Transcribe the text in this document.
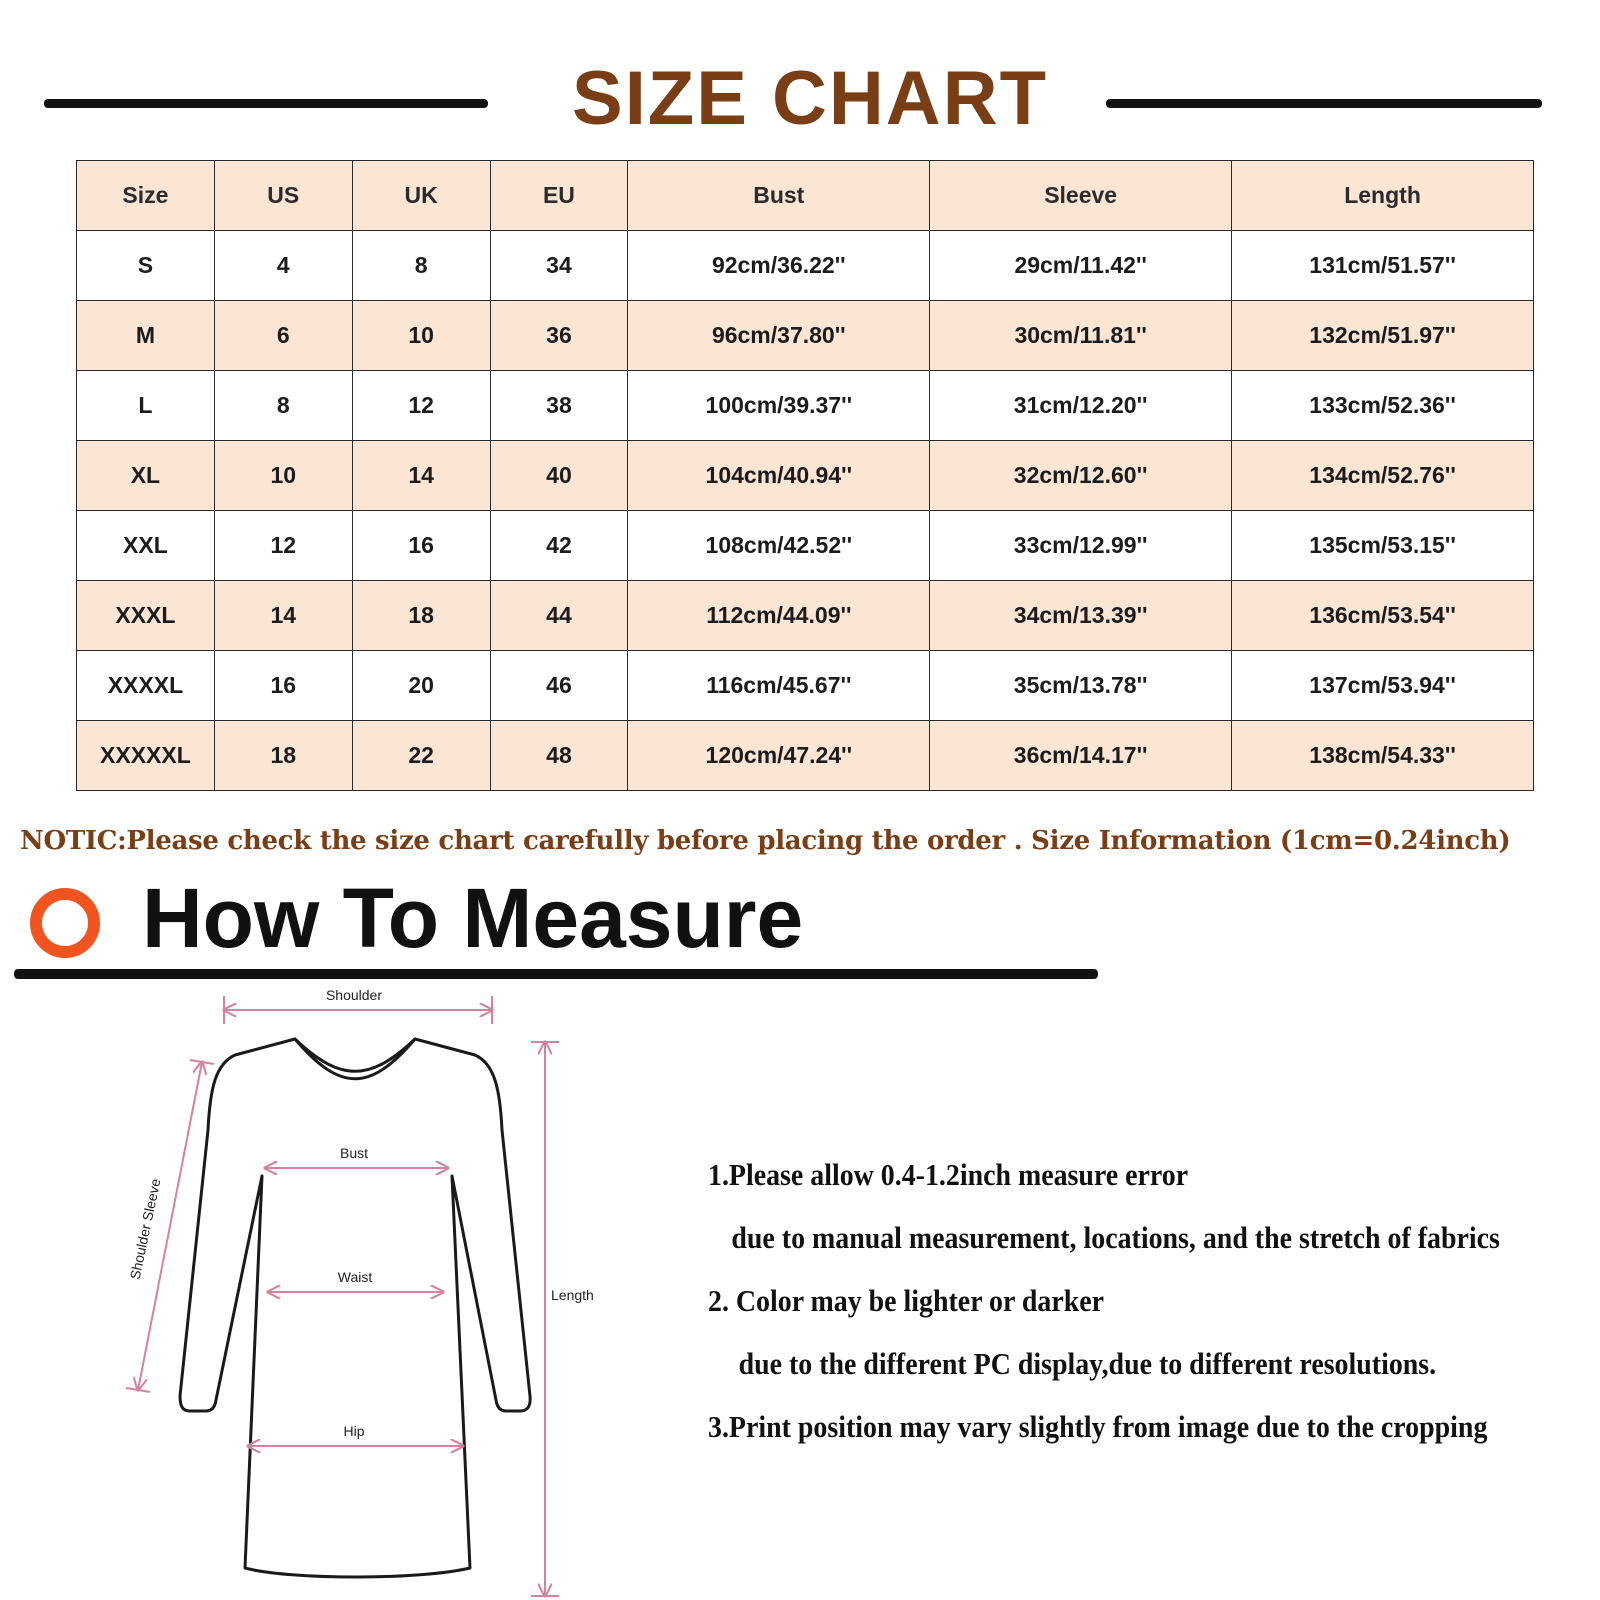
SIZE CHART
Size	US	UK	EU	Bust	Sleeve	Length
S	4	8	34	92cm/36.22''	29cm/11.42''	131cm/51.57''
M	6	10	36	96cm/37.80''	30cm/11.81''	132cm/51.97''
L	8	12	38	100cm/39.37''	31cm/12.20''	133cm/52.36''
XL	10	14	40	104cm/40.94''	32cm/12.60''	134cm/52.76''
XXL	12	16	42	108cm/42.52''	33cm/12.99''	135cm/53.15''
XXXL	14	18	44	112cm/44.09''	34cm/13.39''	136cm/53.54''
XXXXL	16	20	46	116cm/45.67''	35cm/13.78''	137cm/53.94''
XXXXXL	18	22	48	120cm/47.24''	36cm/14.17''	138cm/54.33''
NOTIC:Please check the size chart carefully before placing the order . Size Information (1cm=0.24inch)
How To Measure
Shoulder
Bust
Waist
Hip
Length
Shoulder Sleeve
1.Please allow 0.4-1.2inch measure error
due to manual measurement, locations, and the stretch of fabrics
2. Color may be lighter or darker
due to the different PC display,due to different resolutions.
3.Print position may vary slightly from image due to the cropping
